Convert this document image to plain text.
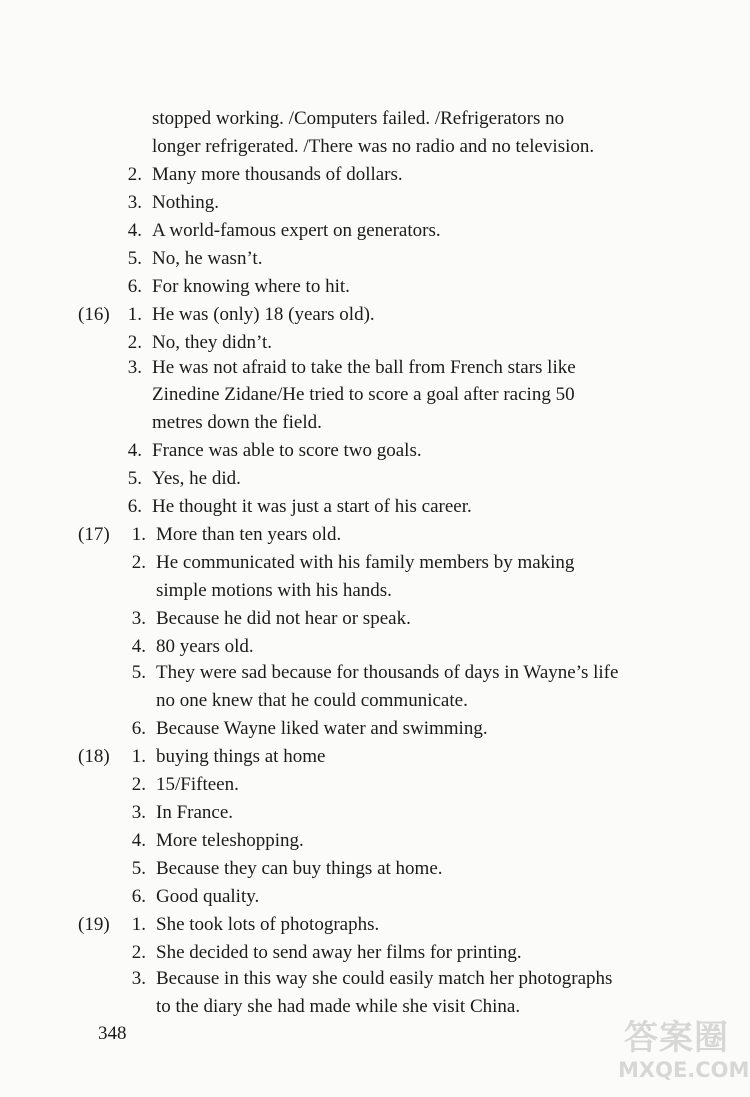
stopped working. /Computers failed. /Refrigerators no
longer refrigerated. /There was no radio and no television.
2. Many more thousands of dollars.
3. Nothing.
4. A world-famous expert on generators.
5. No, he wasn’t.
6. For knowing where to hit.
(16) 1. He was (only) 18 (years old).
2. No, they didn’t.
3. He was not afraid to take the ball from French stars like
Zinedine Zidane/He tried to score a goal after racing 50
metres down the field.
4. France was able to score two goals.
5. Yes, he did.
6. He thought it was just a start of his career.
(17)	1. More than ten years old.
2. He communicated with his family members by making
simple motions with his hands.
3. Because he did not hear or speak.
4. 80 years old.
5. They were sad because for thousands of days in Wayne’s life
no one knew that he could communicate.
6. Because Wayne liked water and swimming.
(18)	1. buying things at home
2. 15/Fifteen.
3. In France.
4. More teleshopping.
5. Because they can buy things at home.
6. Good quality.
(19)	1. She took lots of photographs.
2. She decided to send away her films for printing.
3. Because in this way she could easily match her photographs
to the diary she had made while she visit China.
348	答案圈
MXQE.COM
